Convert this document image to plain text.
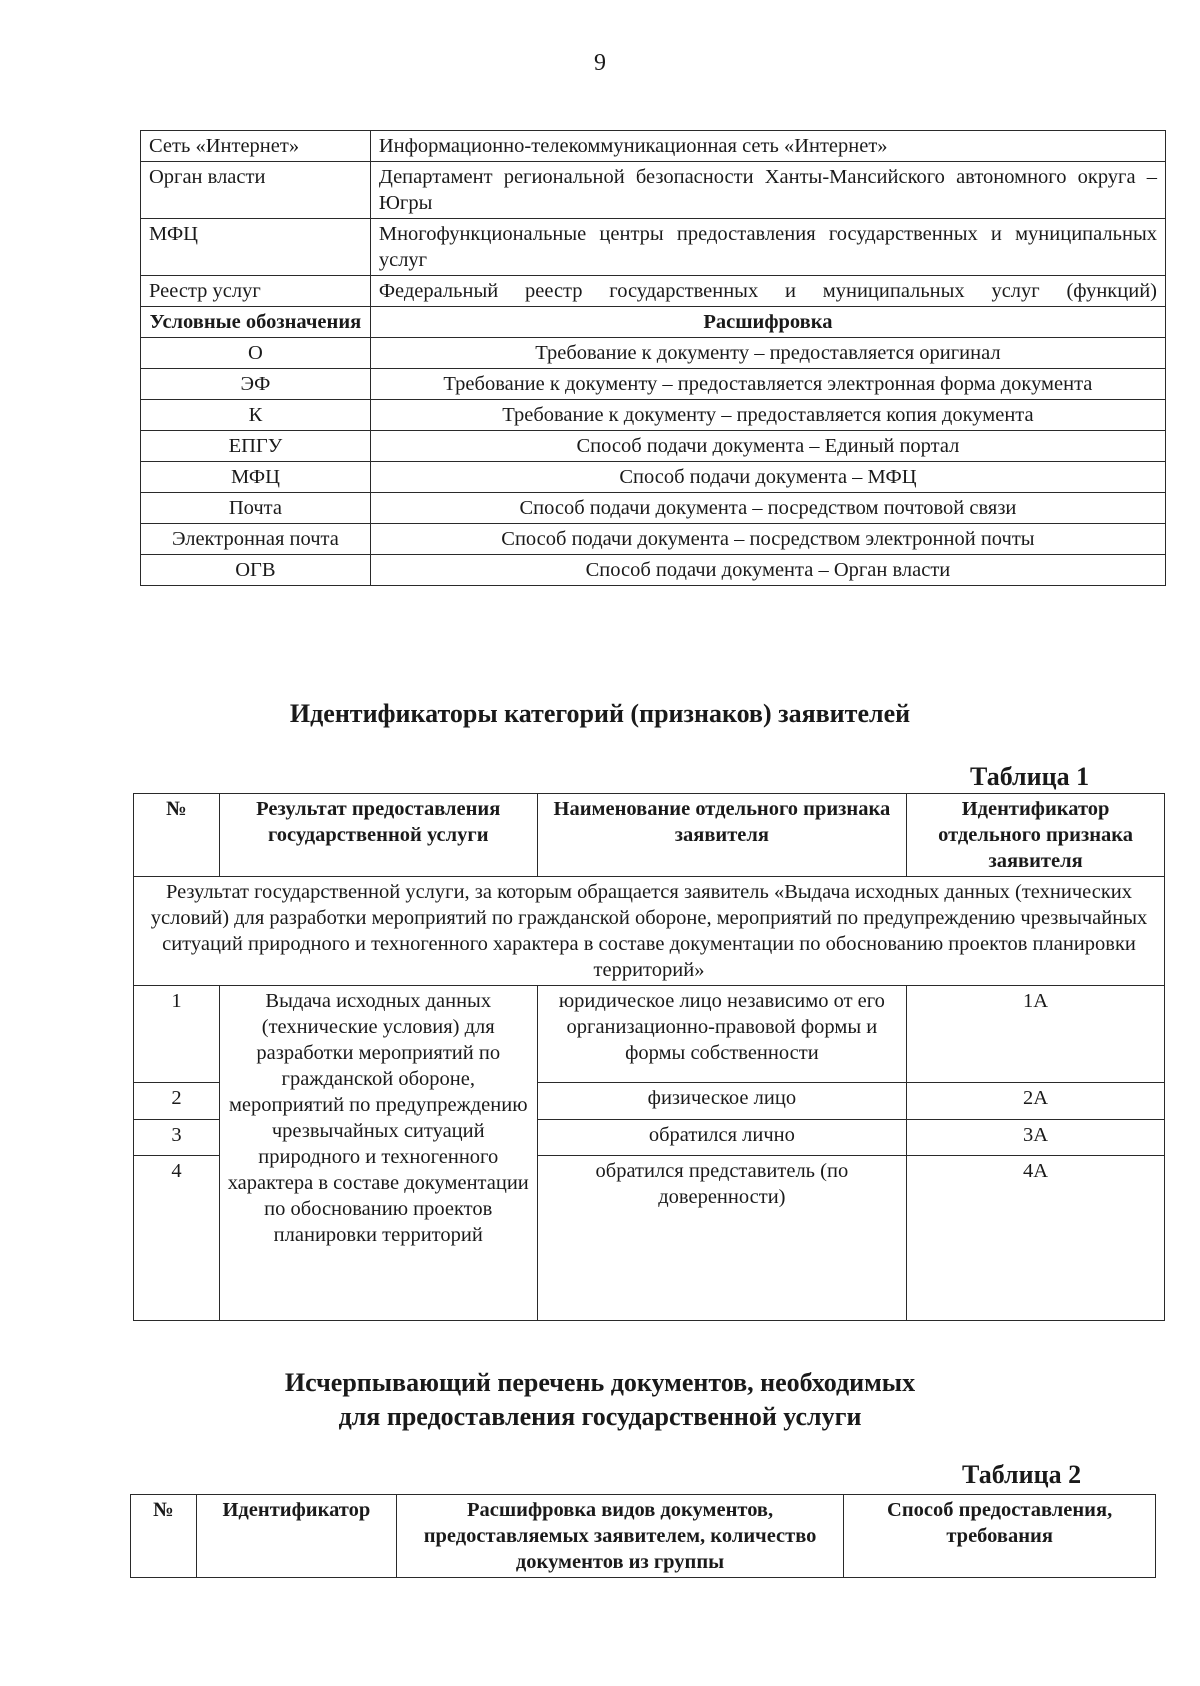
9
Сеть «Интернет»	Информационно-телекоммуникационная сеть «Интернет»
Орган власти	Департамент региональной безопасности Ханты-Мансийского автономного округа – Югры
МФЦ	Многофункциональные центры предоставления государственных и муниципальных услуг
Реестр услуг	Федеральный реестр государственных и муниципальных услуг (функций)
Условные обозначения	Расшифровка
О	Требование к документу – предоставляется оригинал
ЭФ	Требование к документу – предоставляется электронная форма документа
К	Требование к документу – предоставляется копия документа
ЕПГУ	Способ подачи документа – Единый портал
МФЦ	Способ подачи документа – МФЦ
Почта	Способ подачи документа – посредством почтовой связи
Электронная почта	Способ подачи документа – посредством электронной почты
ОГВ	Способ подачи документа – Орган власти
Идентификаторы категорий (признаков) заявителей
Таблица 1
№	Результат предоставления государственной услуги	Наименование отдельного признака заявителя	Идентификатор отдельного признака заявителя
Результат государственной услуги, за которым обращается заявитель «Выдача исходных данных (технических условий) для разработки мероприятий по гражданской обороне, мероприятий по предупреждению чрезвычайных ситуаций природного и техногенного характера в составе документации по обоснованию проектов планировки территорий»			
1	Выдача исходных данных (технические условия) для разработки мероприятий по гражданской обороне, мероприятий по предупреждению чрезвычайных ситуаций природного и техногенного характера в составе документации по обоснованию проектов планировки территорий	юридическое лицо независимо от его организационно-правовой формы и формы собственности	1А
2		физическое лицо	2А
3		обратился лично	3А
4		обратился представитель (по доверенности)	4А
Исчерпывающий перечень документов, необходимых
для предоставления государственной услуги
Таблица 2
№	Идентификатор	Расшифровка видов документов, предоставляемых заявителем, количество документов из группы	Способ предоставления, требования
